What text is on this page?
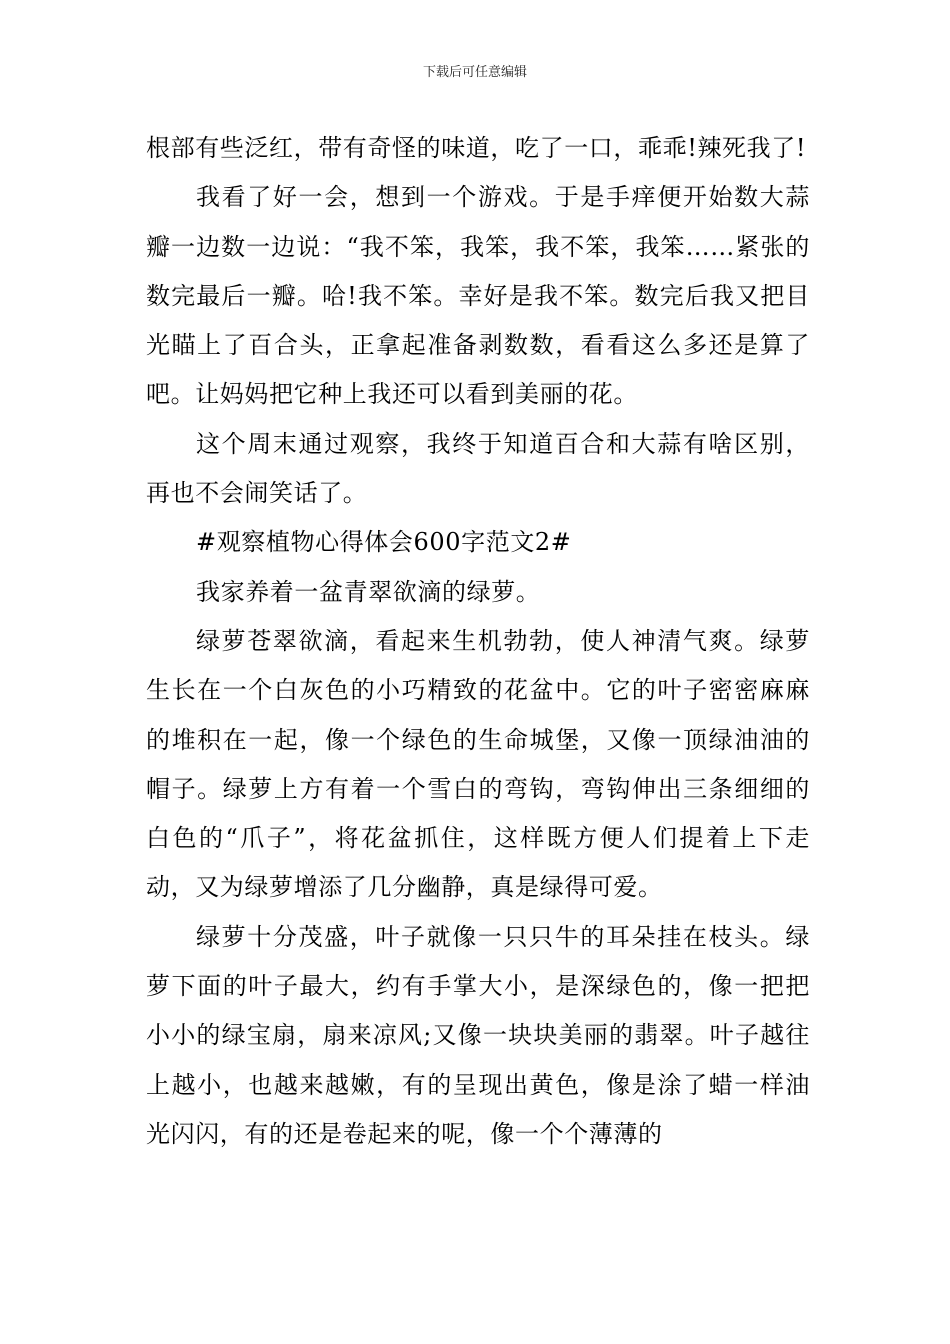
下载后可任意编辑

根部有些泛红，带有奇怪的味道，吃了一口，乖乖!辣死我了!

我看了好一会，想到一个游戏。于是手痒便开始数大蒜瓣一边数一边说：“我不笨，我笨，我不笨，我笨……紧张的数完最后一瓣。哈!我不笨。幸好是我不笨。数完后我又把目光瞄上了百合头，正拿起准备剥数数，看看这么多还是算了吧。让妈妈把它种上我还可以看到美丽的花。

这个周末通过观察，我终于知道百合和大蒜有啥区别，再也不会闹笑话了。

#观察植物心得体会600字范文2#

我家养着一盆青翠欲滴的绿萝。

绿萝苍翠欲滴，看起来生机勃勃，使人神清气爽。绿萝生长在一个白灰色的小巧精致的花盆中。它的叶子密密麻麻的堆积在一起，像一个绿色的生命城堡，又像一顶绿油油的帽子。绿萝上方有着一个雪白的弯钩，弯钩伸出三条细细的白色的“爪子”，将花盆抓住，这样既方便人们提着上下走动，又为绿萝增添了几分幽静，真是绿得可爱。

绿萝十分茂盛，叶子就像一只只牛的耳朵挂在枝头。绿萝下面的叶子最大，约有手掌大小，是深绿色的，像一把把小小的绿宝扇，扇来凉风;又像一块块美丽的翡翠。叶子越往上越小，也越来越嫩，有的呈现出黄色，像是涂了蜡一样油光闪闪，有的还是卷起来的呢，像一个个薄薄的
